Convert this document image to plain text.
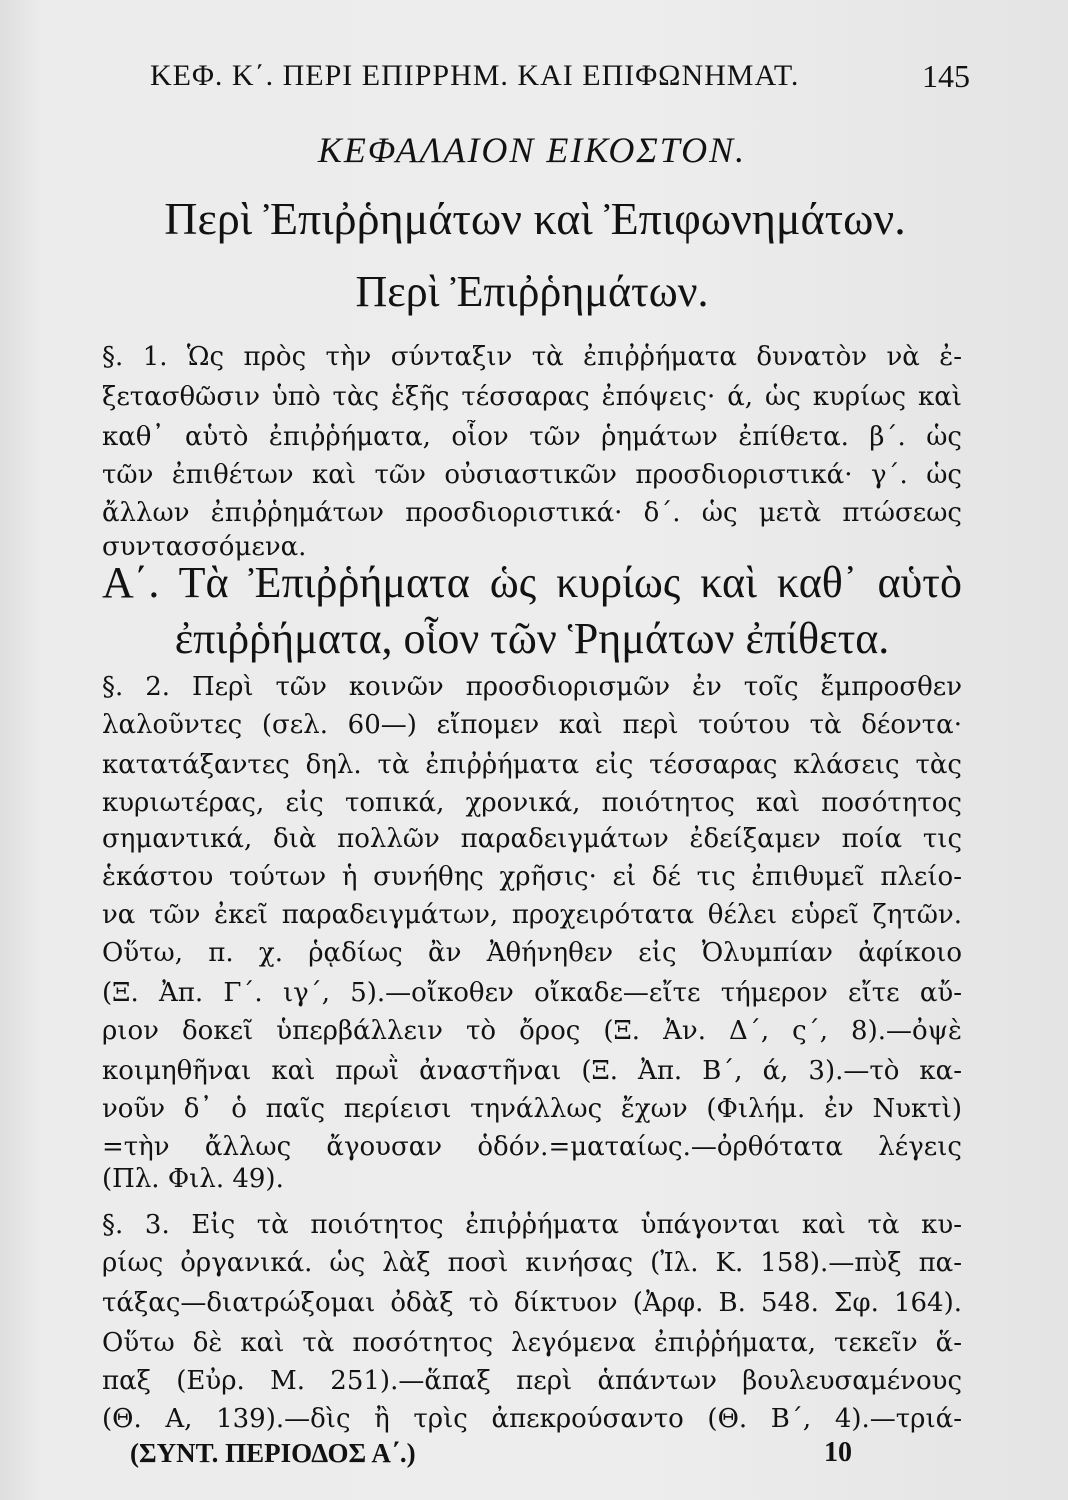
ΚΕΦ. Κ΄. ΠΕΡΙ ΕΠΙΡΡΗΜ. ΚΑΙ ΕΠΙΦΩΝΗΜΑΤ.	145
ΚΕΦΑΛΑΙΟΝ ΕΙΚΟΣΤΟΝ.
Περὶ Ἐπιῤῥημάτων καὶ Ἐπιφωνημάτων.
Περὶ Ἐπιῤῥημάτων.
§. 1. Ὡς πρὸς τὴν σύνταξιν τὰ ἐπιῤῥήματα δυνατὸν νὰ ἐ-
ξετασθῶσιν ὑπὸ τὰς ἑξῆς τέσσαρας ἐπόψεις· ά, ὡς κυρίως καὶ
καθ᾽ αὑτὸ ἐπιῤῥήματα, οἷον τῶν ῥημάτων ἐπίθετα. β΄. ὡς
τῶν ἐπιθέτων καὶ τῶν οὐσιαστικῶν προσδιοριστικά· γ΄. ὡς
ἄλλων ἐπιῤῥημάτων προσδιοριστικά· δ΄. ὡς μετὰ πτώσεως
συντασσόμενα.
Α΄. Τὰ Ἐπιῤῥήματα ὡς κυρίως καὶ καθ᾽ αὑτὸ
ἐπιῤῥήματα, οἷον τῶν Ῥημάτων ἐπίθετα.
§. 2. Περὶ τῶν κοινῶν προσδιορισμῶν ἐν τοῖς ἔμπροσθεν
λαλοῦντες (σελ. 60—) εἴπομεν καὶ περὶ τούτου τὰ δέοντα·
κατατάξαντες δηλ. τὰ ἐπιῤῥήματα εἰς τέσσαρας κλάσεις τὰς
κυριωτέρας, εἰς τοπικά, χρονικά, ποιότητος καὶ ποσότητος
σημαντικά, διὰ πολλῶν παραδειγμάτων ἐδείξαμεν ποία τις
ἑκάστου τούτων ἡ συνήθης χρῆσις· εἰ δέ τις ἐπιθυμεῖ πλείο-
να τῶν ἐκεῖ παραδειγμάτων, προχειρότατα θέλει εὑρεῖ ζητῶν.
Οὕτω, π. χ. ῥᾳδίως ἂν Ἀθήνηθεν εἰς Ὀλυμπίαν ἀφίκοιο
(Ξ. Ἀπ. Γ΄. ιγ΄, 5).—οἴκοθεν οἴκαδε—εἴτε τήμερον εἴτε αὔ-
ριον δοκεῖ ὑπερβάλλειν τὸ ὄρος (Ξ. Ἀν. Δ΄, ς΄, 8).—ὀψὲ
κοιμηθῆναι καὶ πρωῒ ἀναστῆναι (Ξ. Ἀπ. Β΄, ά, 3).—τὸ κα-
νοῦν δ᾽ ὁ παῖς περίεισι τηνάλλως ἔχων (Φιλήμ. ἐν Νυκτὶ)
=τὴν ἄλλως ἄγουσαν ὁδόν.=ματαίως.—ὀρθότατα λέγεις
(Πλ. Φιλ. 49).
§. 3. Εἰς τὰ ποιότητος ἐπιῤῥήματα ὑπάγονται καὶ τὰ κυ-
ρίως ὀργανικά. ὡς λὰξ ποσὶ κινήσας (Ἰλ. Κ. 158).—πὺξ πα-
τάξας—διατρώξομαι ὀδὰξ τὸ δίκτυον (Ἀρφ. Β. 548. Σφ. 164).
Οὕτω δὲ καὶ τὰ ποσότητος λεγόμενα ἐπιῤῥήματα, τεκεῖν ἅ-
παξ (Εὐρ. Μ. 251).—ἅπαξ περὶ ἁπάντων βουλευσαμένους
(Θ. Α, 139).—δὶς ἢ τρὶς ἀπεκρούσαντο (Θ. Β΄, 4).—τριά-
(ΣΥΝΤ. ΠΕΡΙΟΔΟΣ Α΄.)	10
